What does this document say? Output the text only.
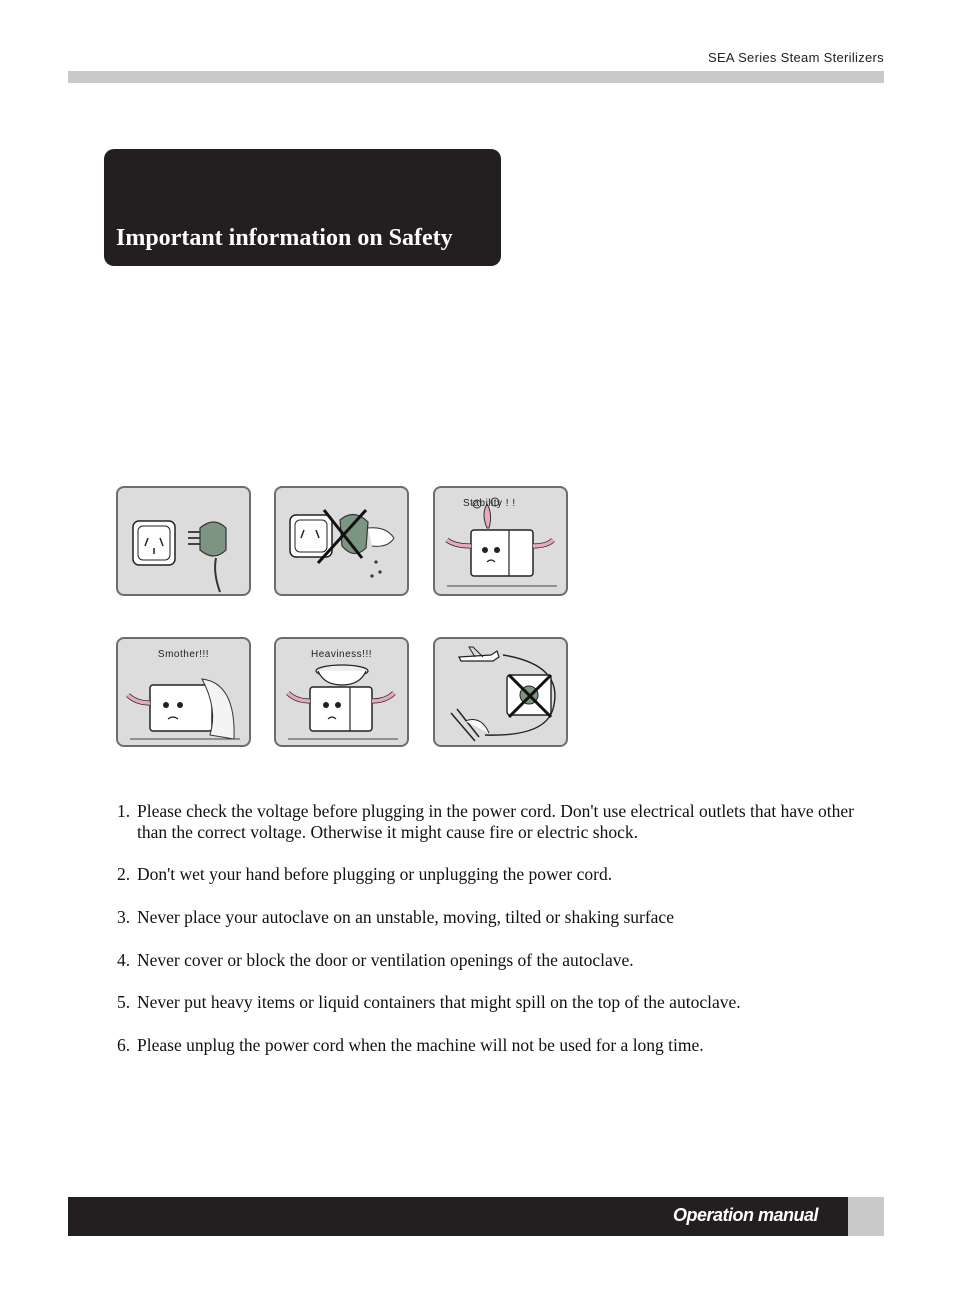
SEA Series Steam Sterilizers
Important information on Safety
Stability ! !
Smother!!!	Heaviness!!!

1. Please check the voltage before plugging in the power cord. Don't use electrical outlets that have other than the correct voltage. Otherwise it might cause fire or electric shock.

2. Don't wet your hand before plugging or unplugging the power cord.

3. Never place your autoclave on an unstable, moving, tilted or shaking surface

4. Never cover or block the door or ventilation openings of the autoclave.

5. Never put heavy items or liquid containers that might spill on the top of the autoclave.

6. Please unplug the power cord when the machine will not be used for a long time.

Operation manual
